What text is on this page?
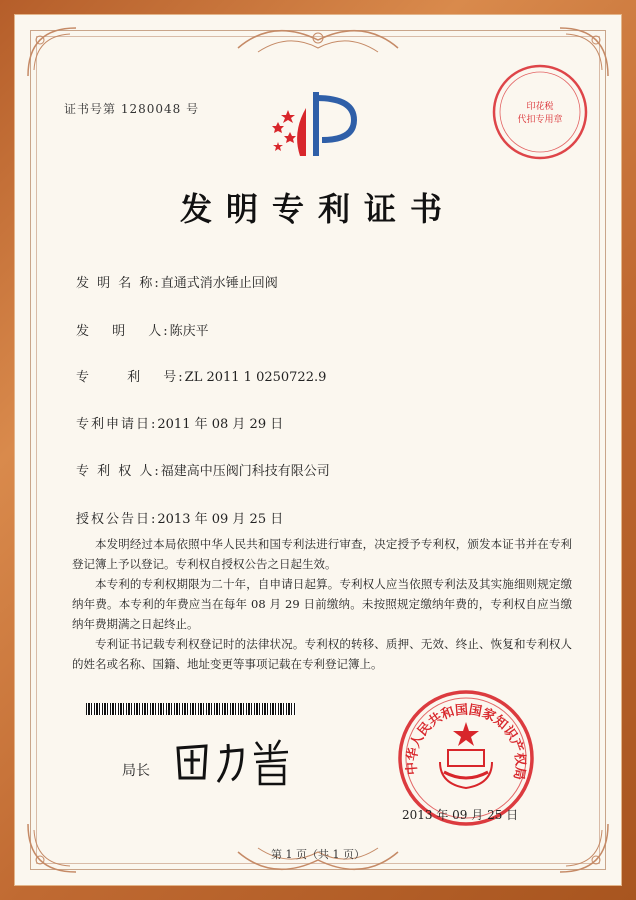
证书号第 1280048 号	印花税
代扣专用章
发明专利证书
发 明 名 称:直通式消水锤止回阀
发　 明　 人:陈庆平
专　　 利　 号:ZL 2011 1 0250722.9
专利申请日:2011 年 08 月 29 日
专 利 权 人:福建高中压阀门科技有限公司
授权公告日:2013 年 09 月 25 日

本发明经过本局依照中华人民共和国专利法进行审查，决定授予专利权，颁发本证书并在专利登记簿上予以登记。专利权自授权公告之日起生效。

本专利的专利权期限为二十年，自申请日起算。专利权人应当依照专利法及其实施细则规定缴纳年费。本专利的年费应当在每年 08 月 29 日前缴纳。未按照规定缴纳年费的，专利权自应当缴纳年费期满之日起终止。

专利证书记载专利权登记时的法律状况。专利权的转移、质押、无效、终止、恢复和专利权人的姓名或名称、国籍、地址变更等事项记载在专利登记簿上。

局长	中华人民共和国国家知识产权局
2013 年 09 月 25 日
第 1 页（共 1 页）
